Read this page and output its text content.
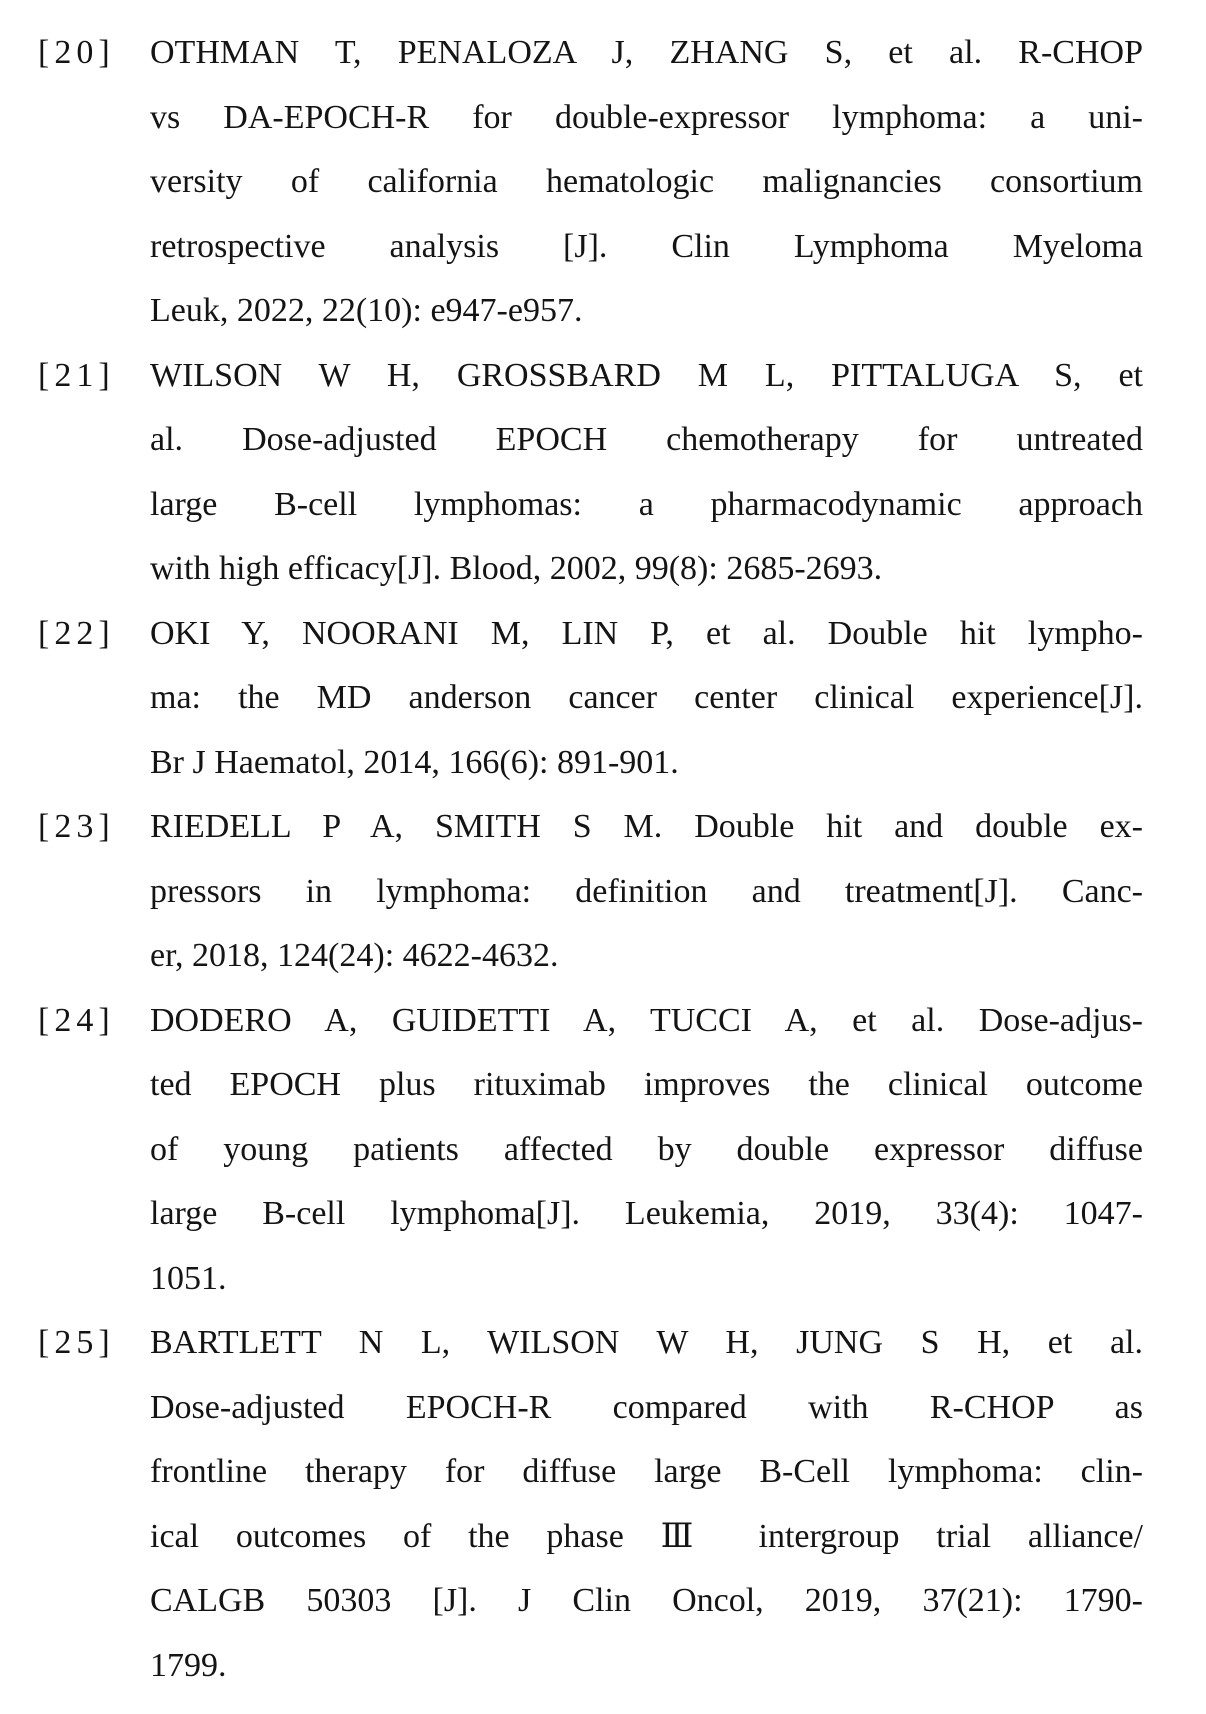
[20]	OTHMAN T, PENALOZA J, ZHANG S, et al. R-CHOP
vs DA-EPOCH-R for double-expressor lymphoma: a uni-
versity of california hematologic malignancies consortium
retrospective analysis [J]. Clin Lymphoma Myeloma
Leuk, 2022, 22(10): e947-e957.
[21]	WILSON W H, GROSSBARD M L, PITTALUGA S, et
al. Dose-adjusted EPOCH chemotherapy for untreated
large B-cell lymphomas: a pharmacodynamic approach
with high efficacy[J]. Blood, 2002, 99(8): 2685-2693.
[22]	OKI Y, NOORANI M, LIN P, et al. Double hit lympho-
ma: the MD anderson cancer center clinical experience[J].
Br J Haematol, 2014, 166(6): 891-901.
[23]	RIEDELL P A, SMITH S M. Double hit and double ex-
pressors in lymphoma: definition and treatment[J]. Canc-
er, 2018, 124(24): 4622-4632.
[24]	DODERO A, GUIDETTI A, TUCCI A, et al. Dose-adjus-
ted EPOCH plus rituximab improves the clinical outcome
of young patients affected by double expressor diffuse
large B-cell lymphoma[J]. Leukemia, 2019, 33(4): 1047-
1051.
[25]	BARTLETT N L, WILSON W H, JUNG S H, et al.
Dose-adjusted EPOCH-R compared with R-CHOP as
frontline therapy for diffuse large B-Cell lymphoma: clin-
ical outcomes of the phase Ⅲ intergroup trial alliance/
CALGB 50303 [J]. J Clin Oncol, 2019, 37(21): 1790-
1799.
